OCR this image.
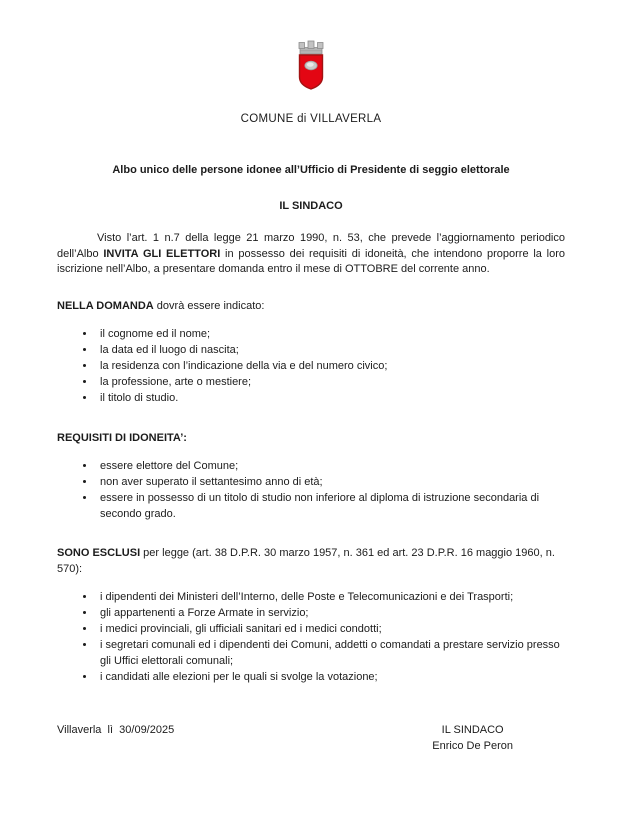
COMUNE di VILLAVERLA
Albo unico delle persone idonee all’Ufficio di Presidente di seggio elettorale
IL SINDACO

Visto l’art. 1 n.7 della legge 21 marzo 1990, n. 53, che prevede l’aggiornamento periodico dell’Albo INVITA GLI ELETTORI in possesso dei requisiti di idoneità, che intendono proporre la loro iscrizione nell’Albo, a presentare domanda entro il mese di OTTOBRE del corrente anno.

NELLA DOMANDA dovrà essere indicato:
• il cognome ed il nome;
• la data ed il luogo di nascita;
• la residenza con l’indicazione della via e del numero civico;
• la professione, arte o mestiere;
• il titolo di studio.
REQUISITI DI IDONEITA’:
• essere elettore del Comune;
• non aver superato il settantesimo anno di età;
• essere in possesso di un titolo di studio non inferiore al diploma di istruzione secondaria di secondo grado.
SONO ESCLUSI per legge (art. 38 D.P.R. 30 marzo 1957, n. 361 ed art. 23 D.P.R. 16 maggio 1960, n. 570):
• i dipendenti dei Ministeri dell’Interno, delle Poste e Telecomunicazioni e dei Trasporti;
• gli appartenenti a Forze Armate in servizio;
• i medici provinciali, gli ufficiali sanitari ed i medici condotti;
• i segretari comunali ed i dipendenti dei Comuni, addetti o comandati a prestare servizio presso gli Uffici elettorali comunali;
• i candidati alle elezioni per le quali si svolge la votazione;
Villaverla  lì  30/09/2025	IL SINDACO
Enrico De Peron
